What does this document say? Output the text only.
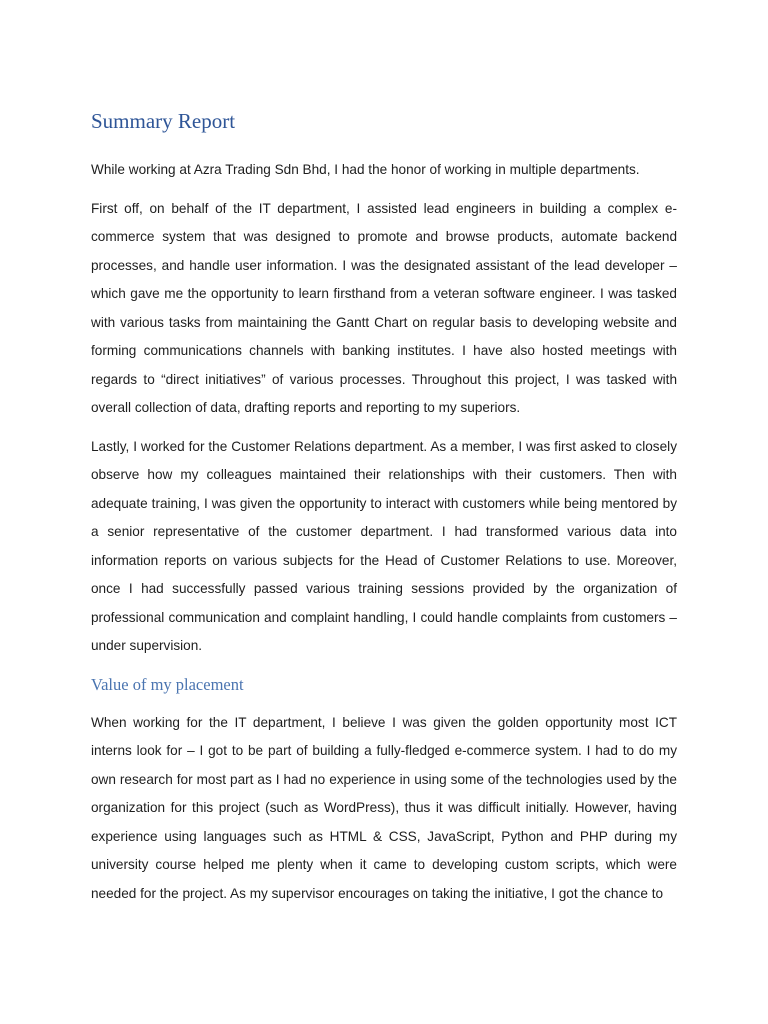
Summary Report

While working at Azra Trading Sdn Bhd, I had the honor of working in multiple departments.

First off, on behalf of the IT department, I assisted lead engineers in building a complex e-commerce system that was designed to promote and browse products, automate backend processes, and handle user information. I was the designated assistant of the lead developer – which gave me the opportunity to learn firsthand from a veteran software engineer. I was tasked with various tasks from maintaining the Gantt Chart on regular basis to developing website and forming communications channels with banking institutes. I have also hosted meetings with regards to “direct initiatives” of various processes. Throughout this project, I was tasked with overall collection of data, drafting reports and reporting to my superiors.

Lastly, I worked for the Customer Relations department. As a member, I was first asked to closely observe how my colleagues maintained their relationships with their customers. Then with adequate training, I was given the opportunity to interact with customers while being mentored by a senior representative of the customer department. I had transformed various data into information reports on various subjects for the Head of Customer Relations to use. Moreover, once I had successfully passed various training sessions provided by the organization of professional communication and complaint handling, I could handle complaints from customers – under supervision.

Value of my placement

When working for the IT department, I believe I was given the golden opportunity most ICT interns look for – I got to be part of building a fully-fledged e-commerce system. I had to do my own research for most part as I had no experience in using some of the technologies used by the organization for this project (such as WordPress), thus it was difficult initially. However, having experience using languages such as HTML & CSS, JavaScript, Python and PHP during my university course helped me plenty when it came to developing custom scripts, which were needed for the project. As my supervisor encourages on taking the initiative, I got the chance to
